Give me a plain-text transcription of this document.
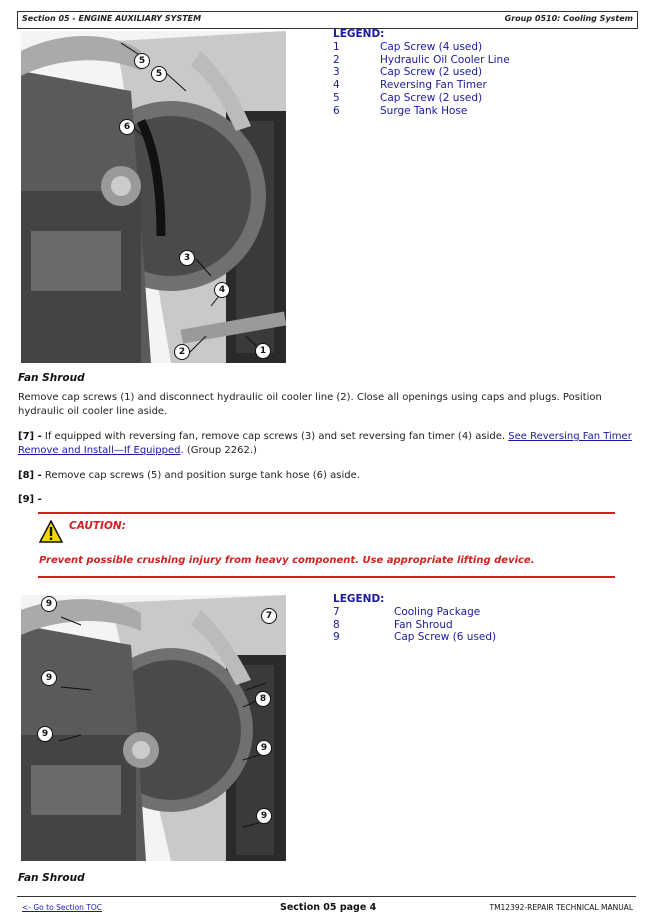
Section 05 - ENGINE AUXILIARY SYSTEM	Group 0510: Cooling System
5
5
6
3
4
2	1
LEGEND:
1	Cap Screw (4 used)
2	Hydraulic Oil Cooler Line
3	Cap Screw (2 used)
4	Reversing Fan Timer
5	Cap Screw (2 used)
6	Surge Tank Hose
Fan Shroud
Remove cap screws (1) and disconnect hydraulic oil cooler line (2). Close all openings using caps and plugs. Position hydraulic oil cooler line aside.
[7] - If equipped with reversing fan, remove cap screws (3) and set reversing fan timer (4) aside. See Reversing Fan Timer Remove and Install—If Equipped. (Group 2262.)
[8] - Remove cap screws (5) and position surge tank hose (6) aside.
[9] -
CAUTION:
Prevent possible crushing injury from heavy component. Use appropriate lifting device.
9
7
9
8
9
9
9
LEGEND:
7	Cooling Package
8	Fan Shroud
9	Cap Screw (6 used)
Fan Shroud
<- Go to Section TOC	Section 05 page 4	TM12392-REPAIR TECHNICAL MANUAL
